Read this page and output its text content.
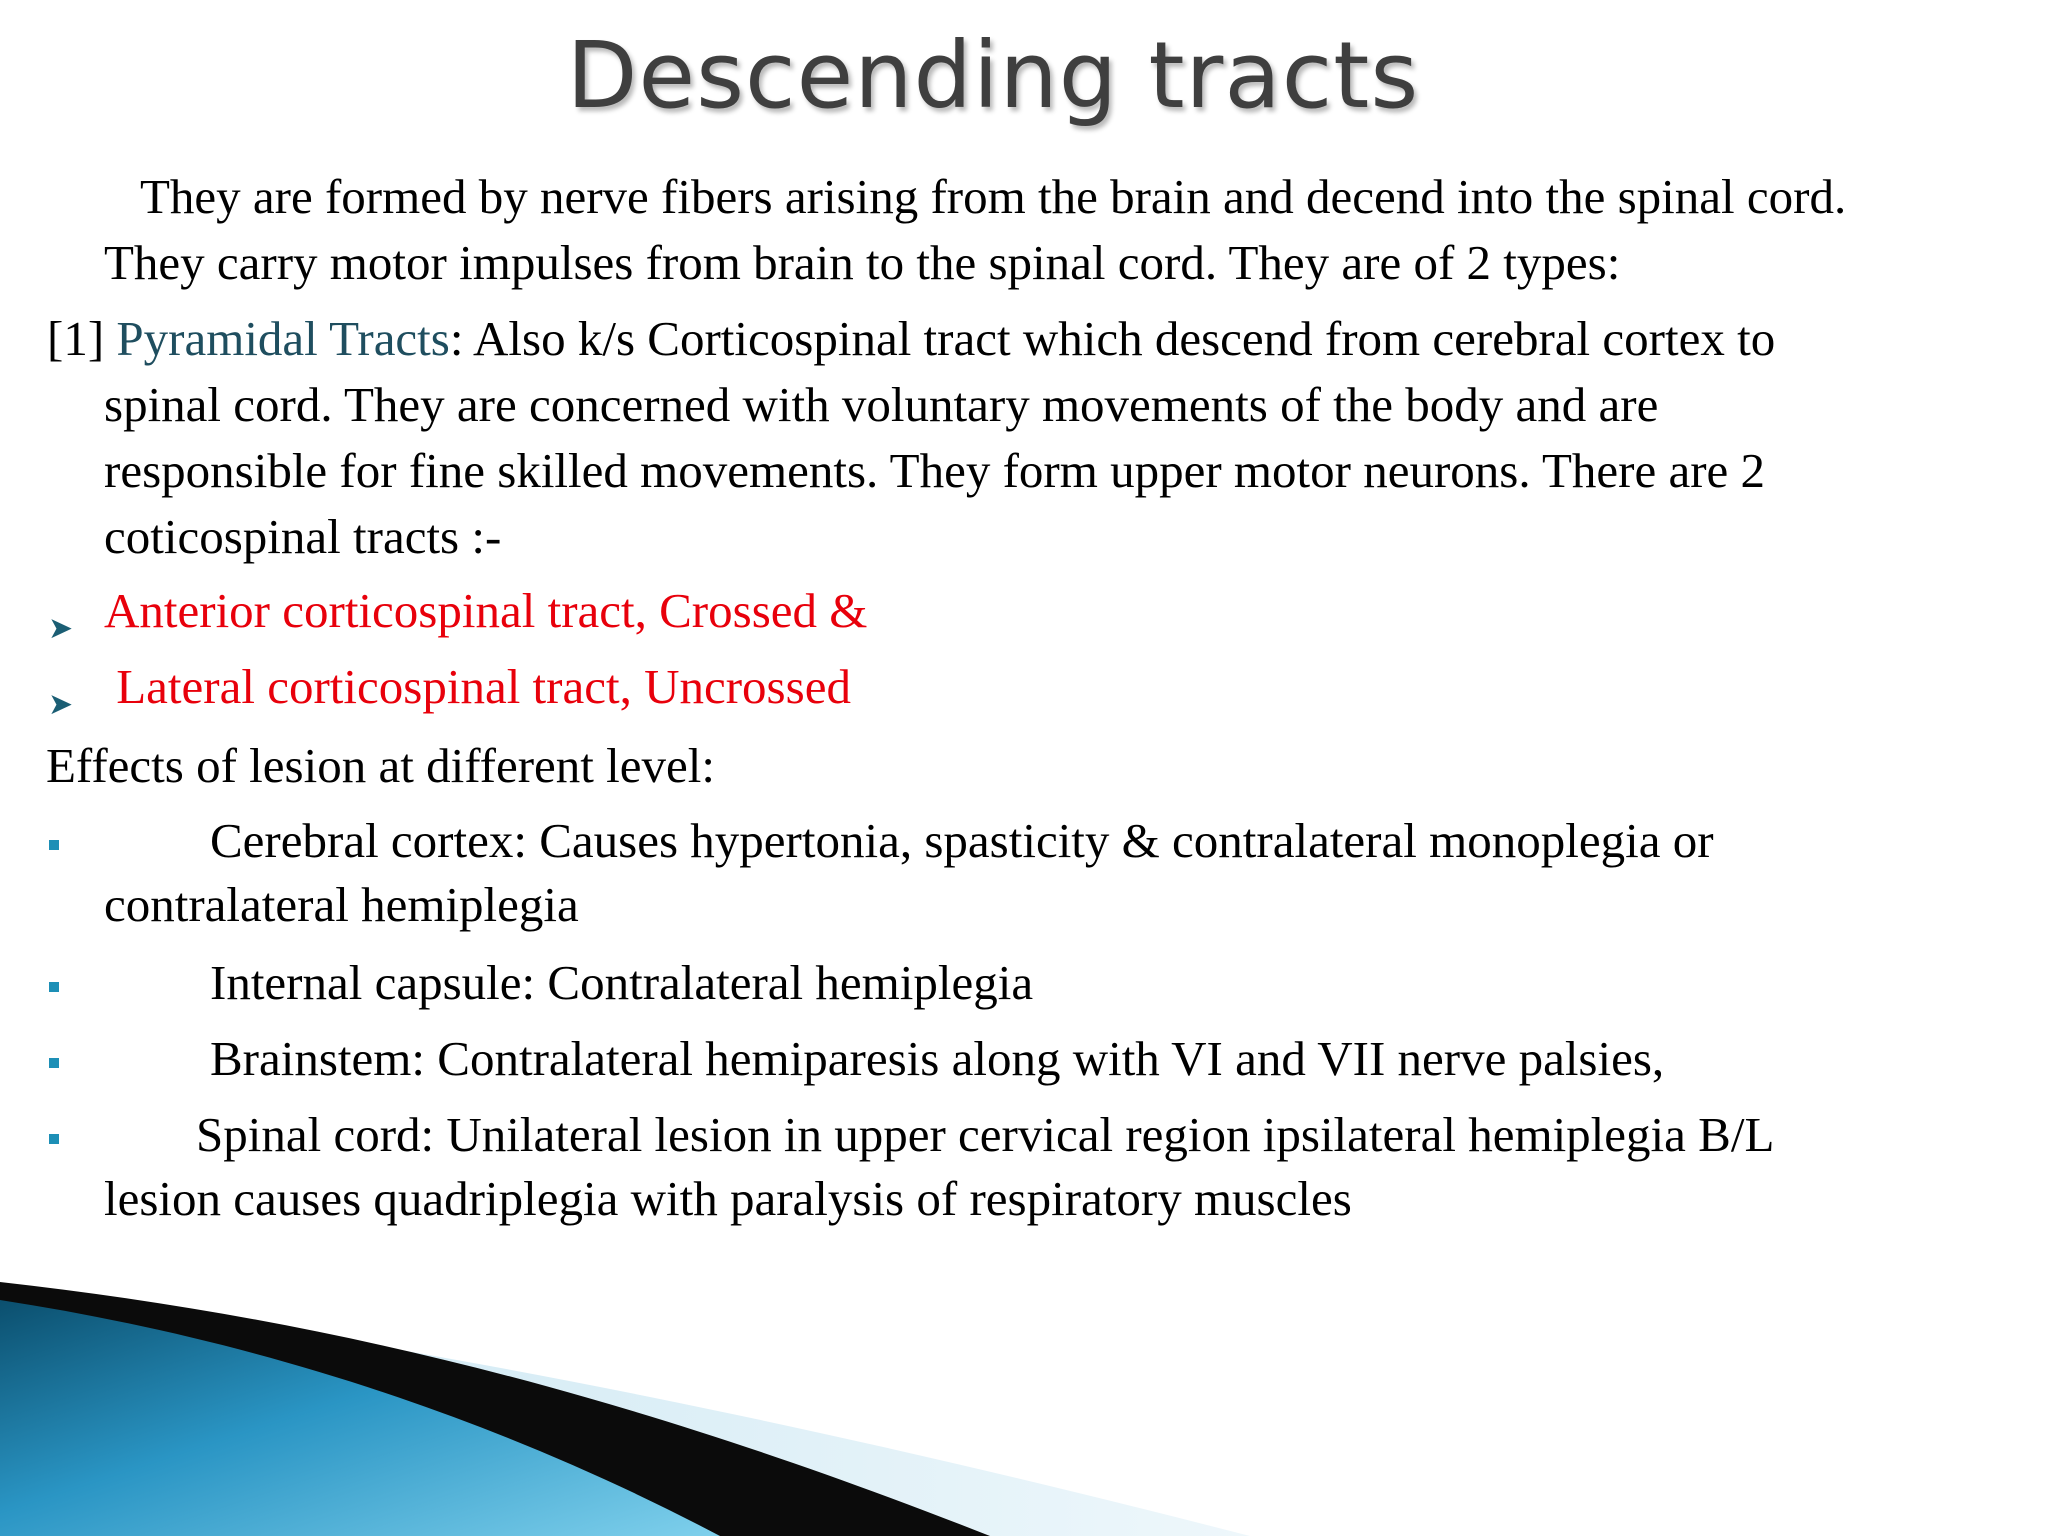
Descending tracts

They are formed by nerve fibers arising from the brain and decend into the spinal cord.
They carry motor impulses from brain to the spinal cord. They are of 2 types:

[1] Pyramidal Tracts: Also k/s Corticospinal tract which descend from cerebral cortex to
spinal cord. They are concerned with voluntary movements of the body and are
responsible for fine skilled movements. They form upper motor neurons. There are 2
coticospinal tracts :-

➤ Anterior corticospinal tract, Crossed &
➤ Lateral corticospinal tract, Uncrossed
Effects of lesion at different level:
Cerebral cortex: Causes hypertonia, spasticity & contralateral monoplegia or
contralateral hemiplegia
Internal capsule: Contralateral hemiplegia
Brainstem: Contralateral hemiparesis along with VI and VII nerve palsies,
Spinal cord: Unilateral lesion in upper cervical region ipsilateral hemiplegia B/L
lesion causes quadriplegia with paralysis of respiratory muscles
